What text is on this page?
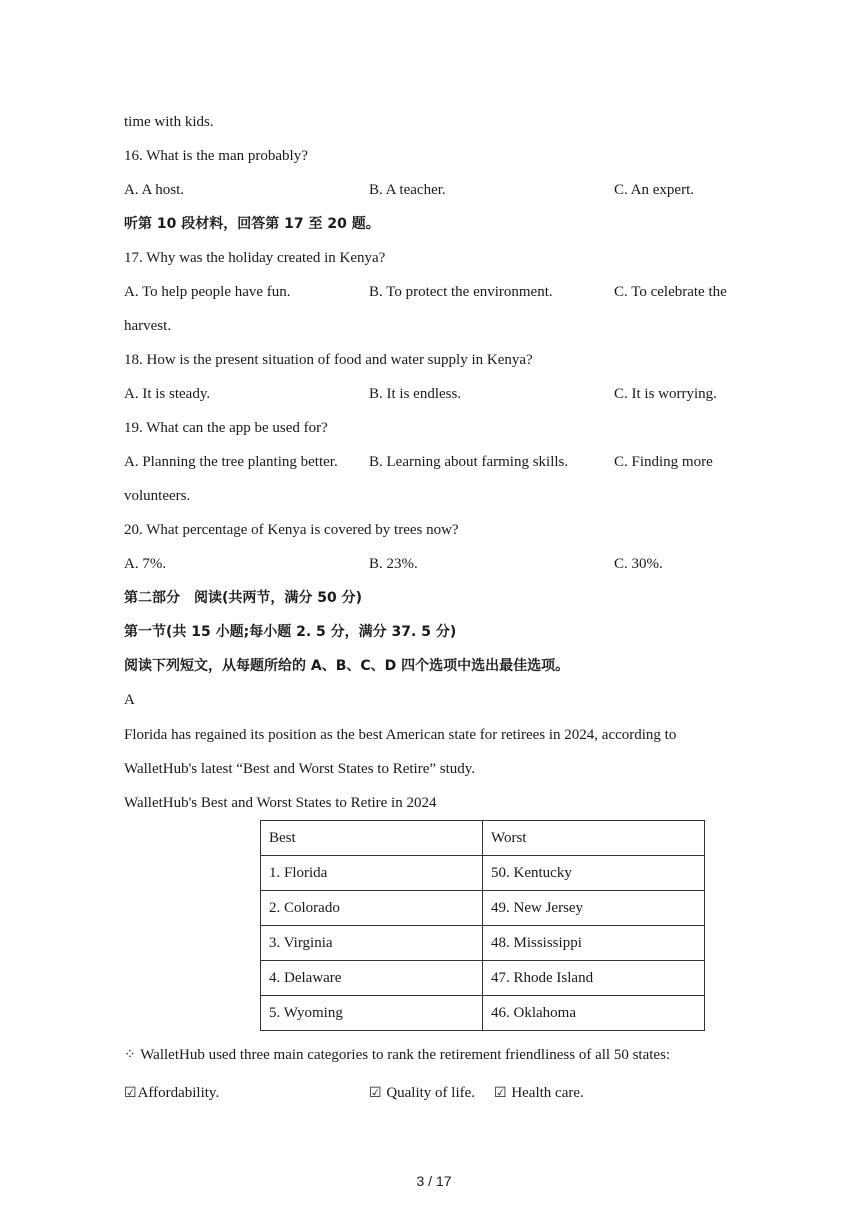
time with kids.
16. What is the man probably?
A. A host.	B. A teacher.	C. An expert.
听第 10 段材料，回答第 17 至 20 题。
17. Why was the holiday created in Kenya?
A. To help people have fun.	B. To protect the environment.	C. To celebrate the
harvest.
18. How is the present situation of food and water supply in Kenya?
A. It is steady.	B. It is endless.	C. It is worrying.
19. What can the app be used for?
A. Planning the tree planting better. B. Learning about farming skills.	C. Finding more
volunteers.
20. What percentage of Kenya is covered by trees now?
A. 7%.	B. 23%.	C. 30%.
第二部分　阅读(共两节，满分 50 分)
第一节(共 15 小题;每小题 2. 5 分，满分 37. 5 分)
阅读下列短文，从每题所给的 A、B、C、D 四个选项中选出最佳选项。
A
Florida has regained its position as the best American state for retirees in 2024, according to
WalletHub's latest “Best and Worst States to Retire” study.
WalletHub's Best and Worst States to Retire in 2024
Best	Worst
1. Florida	50. Kentucky
2. Colorado	49. New Jersey
3. Virginia	48. Mississippi
4. Delaware	47. Rhode Island
5. Wyoming	46. Oklahoma
⁘ WalletHub used three main categories to rank the retirement friendliness of all 50 states:
☑Affordability.	☑ Quality of life. ☑ Health care.
3 / 17
